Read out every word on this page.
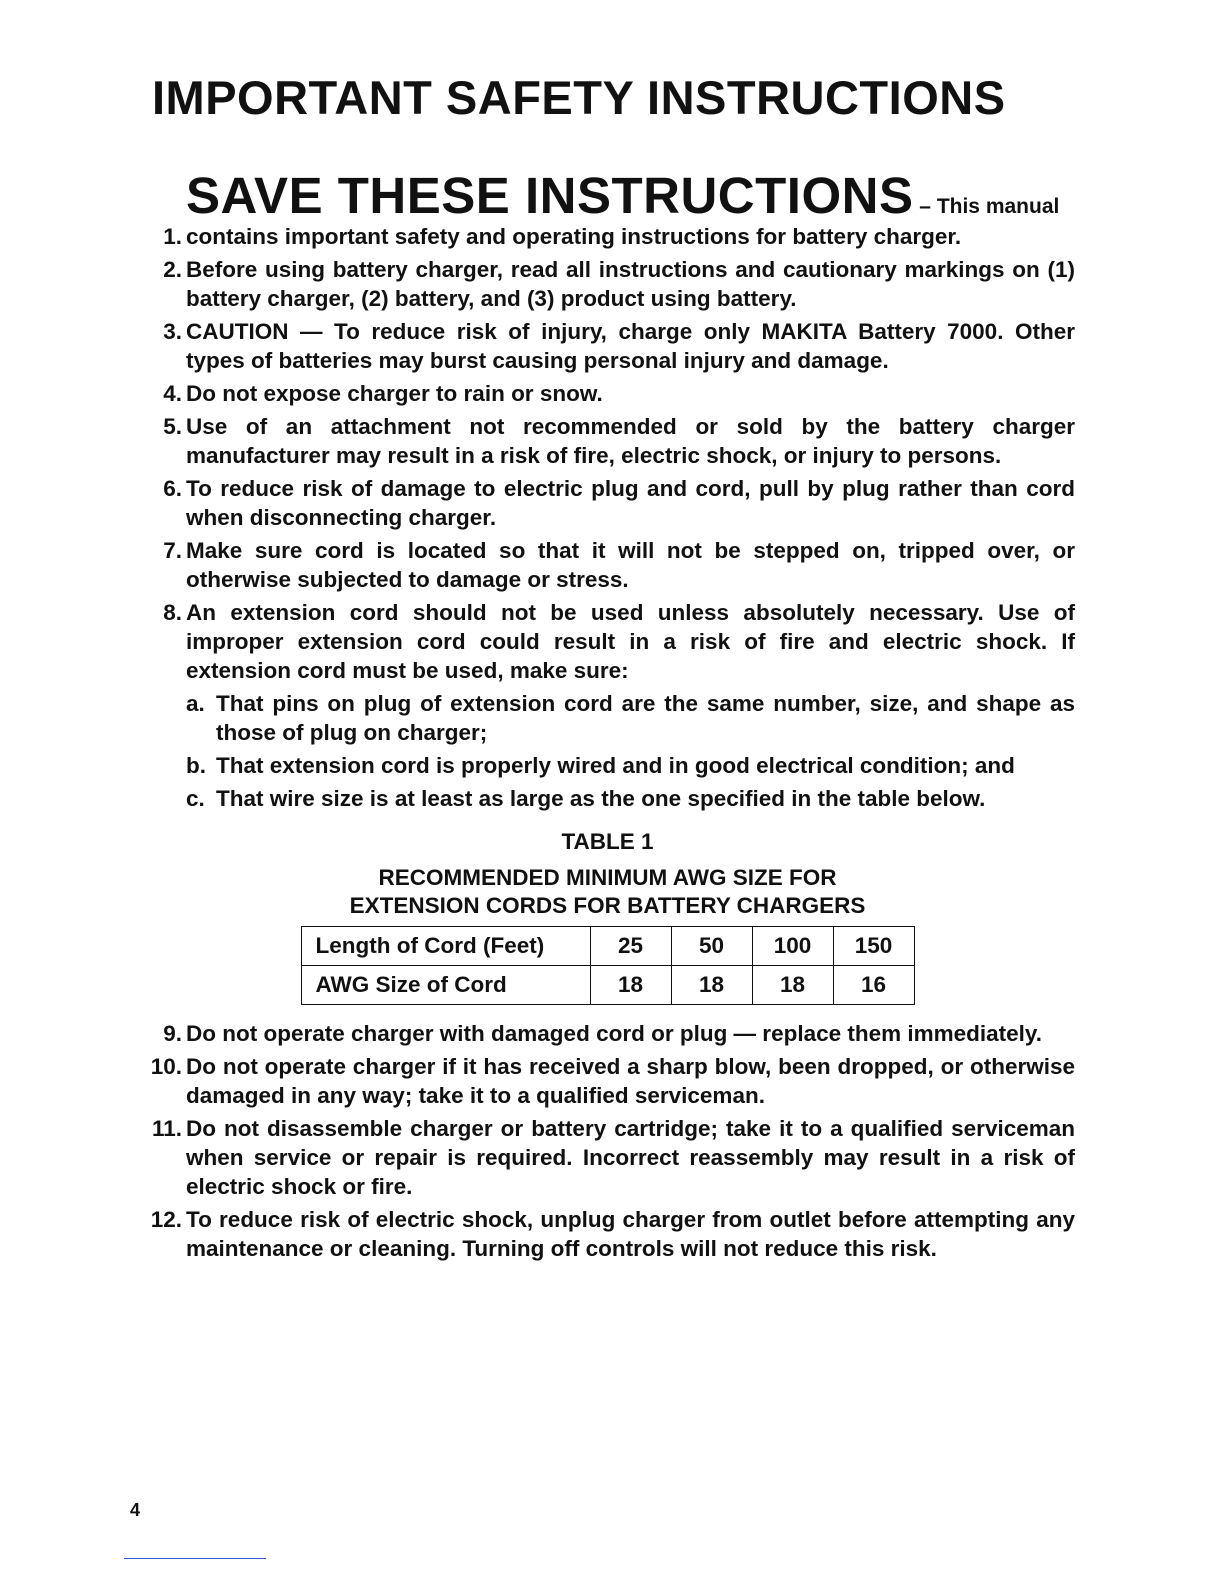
IMPORTANT SAFETY INSTRUCTIONS
1.
SAVE THESE INSTRUCTIONS – This manual
contains important safety and operating instructions for battery charger.
2. Before using battery charger, read all instructions and cautionary markings on (1) battery charger, (2) battery, and (3) product using battery.
3. CAUTION — To reduce risk of injury, charge only MAKITA Battery 7000. Other types of batteries may burst causing personal injury and damage.
4. Do not expose charger to rain or snow.
5. Use of an attachment not recommended or sold by the battery charger manufacturer may result in a risk of fire, electric shock, or injury to persons.
6. To reduce risk of damage to electric plug and cord, pull by plug rather than cord when disconnecting charger.
7. Make sure cord is located so that it will not be stepped on, tripped over, or otherwise subjected to damage or stress.
8. An extension cord should not be used unless absolutely necessary. Use of improper extension cord could result in a risk of fire and electric shock. If extension cord must be used, make sure:
a. That pins on plug of extension cord are the same number, size, and shape as those of plug on charger;
b. That extension cord is properly wired and in good electrical condition; and
c. That wire size is at least as large as the one specified in the table below.
TABLE 1
RECOMMENDED MINIMUM AWG SIZE FOR
EXTENSION CORDS FOR BATTERY CHARGERS
Length of Cord (Feet)	25	50	100	150
AWG Size of Cord	18	18	18	16
9. Do not operate charger with damaged cord or plug — replace them immediately.
10. Do not operate charger if it has received a sharp blow, been dropped, or otherwise damaged in any way; take it to a qualified serviceman.
11. Do not disassemble charger or battery cartridge; take it to a qualified serviceman when service or repair is required. Incorrect reassembly may result in a risk of electric shock or fire.
12. To reduce risk of electric shock, unplug charger from outlet before attempting any maintenance or cleaning. Turning off controls will not reduce this risk.
4
